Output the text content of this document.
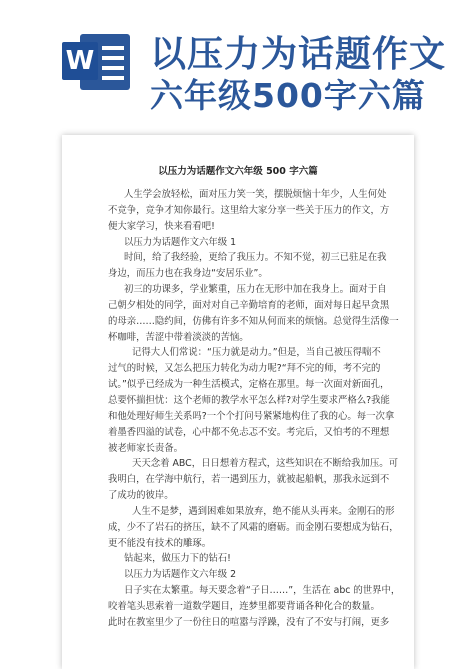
W 以压力为话题作文
六年级500字六篇
以压力为话题作文六年级 500 字六篇
人生学会放轻松，面对压力笑一笑，摆脱烦恼十年少，人生何处
不竞争，竞争才知你最行。这里给大家分享一些关于压力的作文，方
便大家学习，快来看看吧!
以压力为话题作文六年级 1
时间，给了我经验，更给了我压力。不知不觉，初三已驻足在我
身边，而压力也在我身边“安居乐业”。
初三的功课多，学业繁重，压力在无形中加在我身上。面对于自
己朝夕相处的同学，面对对自己辛勤培育的老师，面对每日起早贪黑
的母亲……隐约间，仿佛有许多不知从何而来的烦恼。总觉得生活像一
杯咖啡，苦涩中带着淡淡的苦恼。
记得大人们常说：“压力就是动力。”但是，当自己被压得喘不
过气的时候，又怎么把压力转化为动力呢?“拜不完的师，考不完的
试。”似乎已经成为一种生活模式，定格在那里。每一次面对新面孔，
总要怀揣担忧：这个老师的教学水平怎么样?对学生要求严格么?我能
和他处理好师生关系吗?一个个打问号紧紧地构住了我的心。每一次拿
着墨香四溢的试卷，心中都不免忐忑不安。考完后，又怕考的不理想
被老师家长责备。
天天念着 ABC，日日想着方程式，这些知识在不断给我加压。可
我明白，在学海中航行，若一遇到压力，就被起船帆，那我永远到不
了成功的彼岸。
人生不是梦，遇到困难如果放弃，绝不能从头再来。金刚石的形
成，少不了岩石的挤压，缺不了风霜的磨砺。而金刚石要想成为钻石，
更不能没有技术的雕琢。
钻起来，做压力下的钻石!
以压力为话题作文六年级 2
日子实在太繁重。每天要念着“子日……”，生活在 abc 的世界中，
咬着笔头思索着一道数学题目，连梦里都要背诵各种化合的数量。
此时在教室里少了一份往日的喧嚣与浮躁，没有了不安与打闹，更多
